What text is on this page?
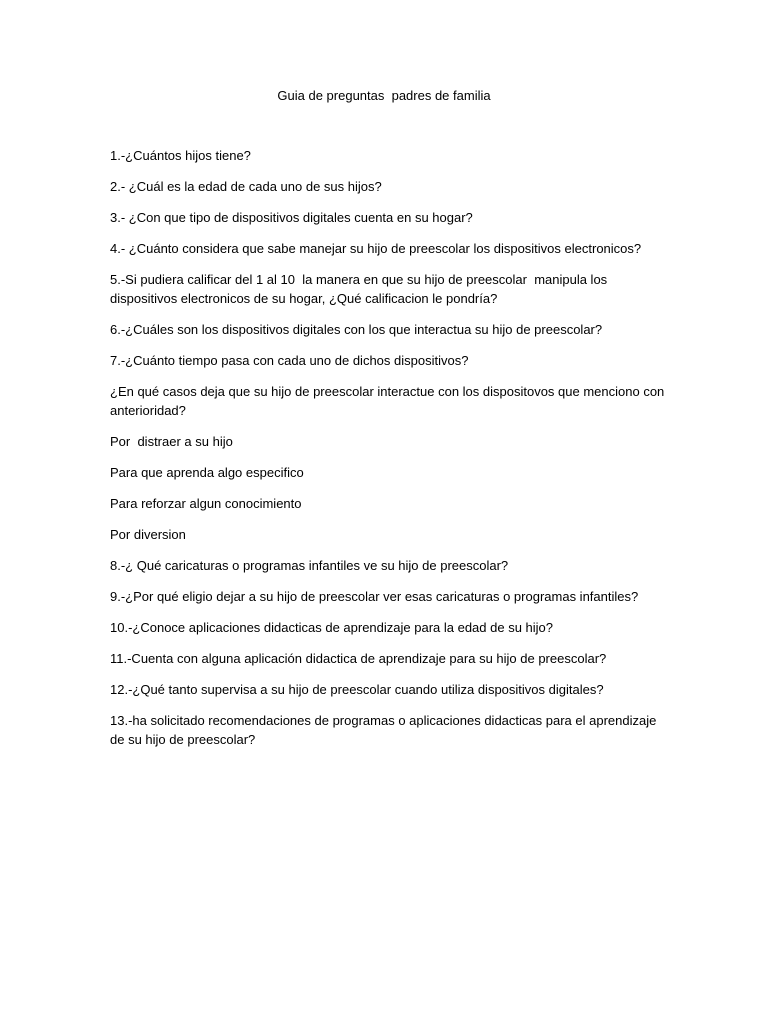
Guia de preguntas  padres de familia

1.-¿Cuántos hijos tiene?

2.- ¿Cuál es la edad de cada uno de sus hijos?

3.- ¿Con que tipo de dispositivos digitales cuenta en su hogar?

4.- ¿Cuánto considera que sabe manejar su hijo de preescolar los dispositivos electronicos?

5.-Si pudiera calificar del 1 al 10  la manera en que su hijo de preescolar  manipula los dispositivos electronicos de su hogar, ¿Qué calificacion le pondría?

6.-¿Cuáles son los dispositivos digitales con los que interactua su hijo de preescolar?

7.-¿Cuánto tiempo pasa con cada uno de dichos dispositivos?

¿En qué casos deja que su hijo de preescolar interactue con los dispositovos que menciono con anterioridad?

Por  distraer a su hijo

Para que aprenda algo especifico

Para reforzar algun conocimiento

Por diversion

8.-¿ Qué caricaturas o programas infantiles ve su hijo de preescolar?

9.-¿Por qué eligio dejar a su hijo de preescolar ver esas caricaturas o programas infantiles?

10.-¿Conoce aplicaciones didacticas de aprendizaje para la edad de su hijo?

11.-Cuenta con alguna aplicación didactica de aprendizaje para su hijo de preescolar?

12.-¿Qué tanto supervisa a su hijo de preescolar cuando utiliza dispositivos digitales?

13.-ha solicitado recomendaciones de programas o aplicaciones didacticas para el aprendizaje de su hijo de preescolar?
